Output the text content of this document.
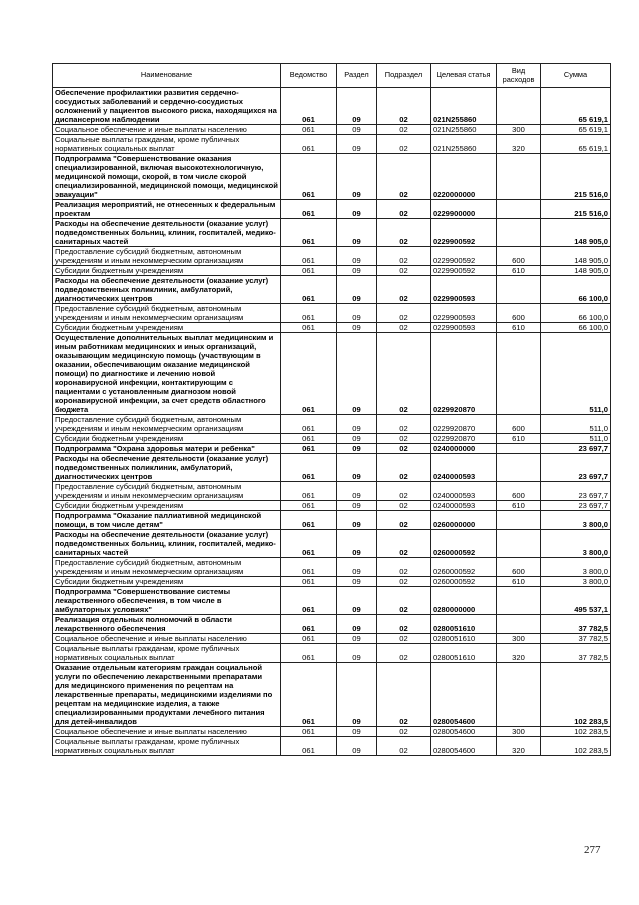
Наименование	Ведомство	Раздел	Подраздел	Целевая статья	Вид расходов	Сумма
Обеспечение профилактики развития сердечно-сосудистых заболеваний и сердечно-сосудистых осложнений у пациентов высокого риска, находящихся на диспансерном наблюдении	061	09	02	021N255860		65 619,1
Социальное обеспечение и иные выплаты населению	061	09	02	021N255860	300	65 619,1
Социальные выплаты гражданам, кроме публичных нормативных социальных выплат	061	09	02	021N255860	320	65 619,1
Подпрограмма "Совершенствование оказания специализированной, включая высокотехнологичную, медицинской помощи, скорой, в том числе скорой специализированной, медицинской помощи, медицинской эвакуации"	061	09	02	0220000000		215 516,0
Реализация мероприятий, не отнесенных к федеральным проектам	061	09	02	0229900000		215 516,0
Расходы на обеспечение деятельности (оказание услуг) подведомственных больниц, клиник, госпиталей, медико-санитарных частей	061	09	02	0229900592		148 905,0
Предоставление субсидий бюджетным, автономным учреждениям и иным некоммерческим организациям	061	09	02	0229900592	600	148 905,0
Субсидии бюджетным учреждениям	061	09	02	0229900592	610	148 905,0
Расходы на обеспечение деятельности (оказание услуг) подведомственных поликлиник, амбулаторий, диагностических центров	061	09	02	0229900593		66 100,0
Предоставление субсидий бюджетным, автономным учреждениям и иным некоммерческим организациям	061	09	02	0229900593	600	66 100,0
Субсидии бюджетным учреждениям	061	09	02	0229900593	610	66 100,0
Осуществление дополнительных выплат медицинским и иным работникам медицинских и иных организаций, оказывающим медицинскую помощь (участвующим в оказании, обеспечивающим оказание медицинской помощи) по диагностике и лечению новой коронавирусной инфекции, контактирующим с пациентами с установленным диагнозом новой коронавирусной инфекции, за счет средств областного бюджета	061	09	02	0229920870		511,0
Предоставление субсидий бюджетным, автономным учреждениям и иным некоммерческим организациям	061	09	02	0229920870	600	511,0
Субсидии бюджетным учреждениям	061	09	02	0229920870	610	511,0
Подпрограмма "Охрана здоровья матери и ребенка"	061	09	02	0240000000		23 697,7
Расходы на обеспечение деятельности (оказание услуг) подведомственных поликлиник, амбулаторий, диагностических центров	061	09	02	0240000593		23 697,7
Предоставление субсидий бюджетным, автономным учреждениям и иным некоммерческим организациям	061	09	02	0240000593	600	23 697,7
Субсидии бюджетным учреждениям	061	09	02	0240000593	610	23 697,7
Подпрограмма "Оказание паллиативной медицинской помощи, в том числе детям"	061	09	02	0260000000		3 800,0
Расходы на обеспечение деятельности (оказание услуг) подведомственных больниц, клиник, госпиталей, медико-санитарных частей	061	09	02	0260000592		3 800,0
Предоставление субсидий бюджетным, автономным учреждениям и иным некоммерческим организациям	061	09	02	0260000592	600	3 800,0
Субсидии бюджетным учреждениям	061	09	02	0260000592	610	3 800,0
Подпрограмма "Совершенствование системы лекарственного обеспечения, в том числе в амбулаторных условиях"	061	09	02	0280000000		495 537,1
Реализация отдельных полномочий в области лекарственного обеспечения	061	09	02	0280051610		37 782,5
Социальное обеспечение и иные выплаты населению	061	09	02	0280051610	300	37 782,5
Социальные выплаты гражданам, кроме публичных нормативных социальных выплат	061	09	02	0280051610	320	37 782,5
Оказание отдельным категориям граждан социальной услуги по обеспечению лекарственными препаратами для медицинского применения по рецептам на лекарственные препараты, медицинскими изделиями по рецептам на медицинские изделия, а также специализированными продуктами лечебного питания для детей-инвалидов	061	09	02	0280054600		102 283,5
Социальное обеспечение и иные выплаты населению	061	09	02	0280054600	300	102 283,5
Социальные выплаты гражданам, кроме публичных нормативных социальных выплат	061	09	02	0280054600	320	102 283,5
277
